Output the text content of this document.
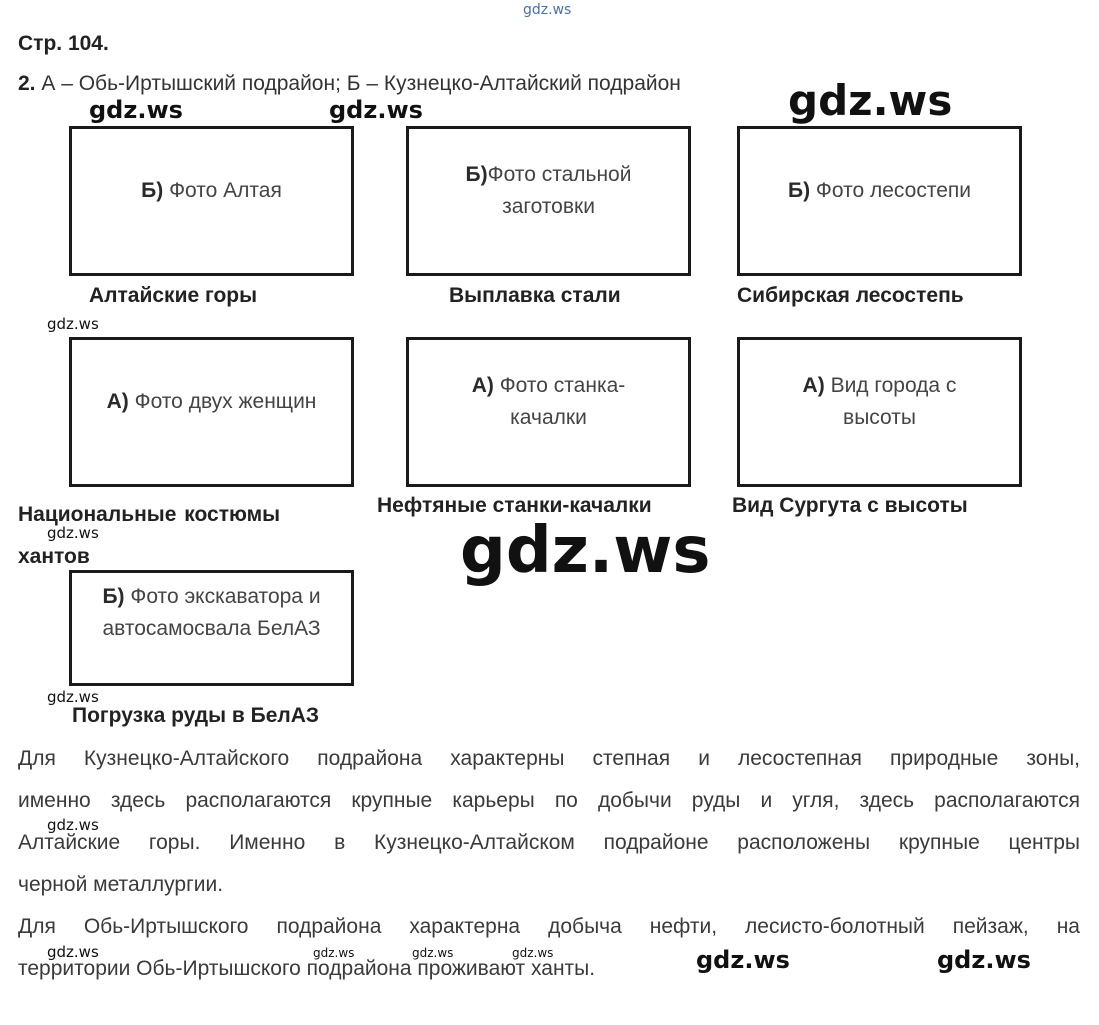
Стр. 104.
2. А – Обь-Иртышский подрайон; Б – Кузнецко-Алтайский подрайон
Б) Фото Алтая
Б)Фото стальной заготовки
Б) Фото лесостепи
Алтайские горы	Выплавка стали	Сибирская лесостепь
А) Фото двух женщин
А) Фото станка-качалки
А) Вид города с высоты
Национальные костюмы хантов
Нефтяные станки-качалки	Вид Сургута с высоты
Б) Фото экскаватора и автосамосвала БелАЗ
Погрузка руды в БелАЗ
Для Кузнецко-Алтайского подрайона характерны степная и лесостепная природные зоны,
именно здесь располагаются крупные карьеры по добычи руды и угля, здесь располагаются
Алтайские горы. Именно в Кузнецко-Алтайском подрайоне расположены крупные центры
черной металлургии.
Для Обь-Иртышского подрайона характерна добыча нефти, лесисто-болотный пейзаж, на
территории Обь-Иртышского подрайона проживают ханты.
gdz.ws
gdz.ws	gdz.ws	gdz.ws
gdz.ws
gdz.ws	gdz.ws
gdz.ws
gdz.ws
gdz.ws	gdz.ws	gdz.ws	gdz.ws	gdz.ws	gdz.ws
